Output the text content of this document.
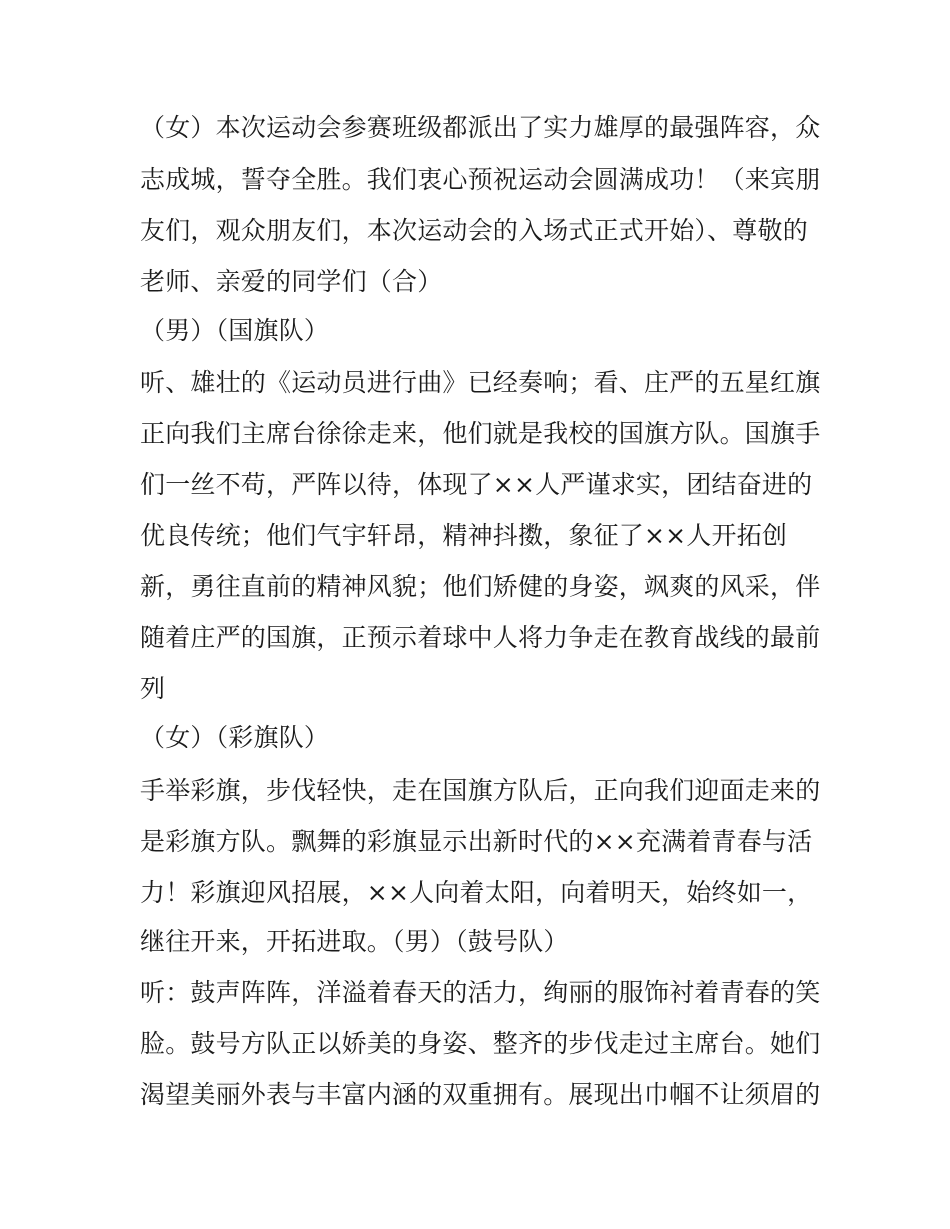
（女）本次运动会参赛班级都派出了实力雄厚的最强阵容，众
志成城，誓夺全胜。我们衷心预祝运动会圆满成功！（来宾朋
友们，观众朋友们，本次运动会的入场式正式开始）、尊敬的
老师、亲爱的同学们（合）
（男）（国旗队）
听、雄壮的《运动员进行曲》已经奏响；看、庄严的五星红旗
正向我们主席台徐徐走来，他们就是我校的国旗方队。国旗手
们一丝不苟，严阵以待，体现了××人严谨求实，团结奋进的
优良传统；他们气宇轩昂，精神抖擞，象征了××人开拓创
新，勇往直前的精神风貌；他们矫健的身姿，飒爽的风采，伴
随着庄严的国旗，正预示着球中人将力争走在教育战线的最前
列
（女）（彩旗队）
手举彩旗，步伐轻快，走在国旗方队后，正向我们迎面走来的
是彩旗方队。飘舞的彩旗显示出新时代的××充满着青春与活
力！彩旗迎风招展，××人向着太阳，向着明天，始终如一，
继往开来，开拓进取。（男）（鼓号队）
听：鼓声阵阵，洋溢着春天的活力，绚丽的服饰衬着青春的笑
脸。鼓号方队正以娇美的身姿、整齐的步伐走过主席台。她们
渴望美丽外表与丰富内涵的双重拥有。展现出巾帼不让须眉的
